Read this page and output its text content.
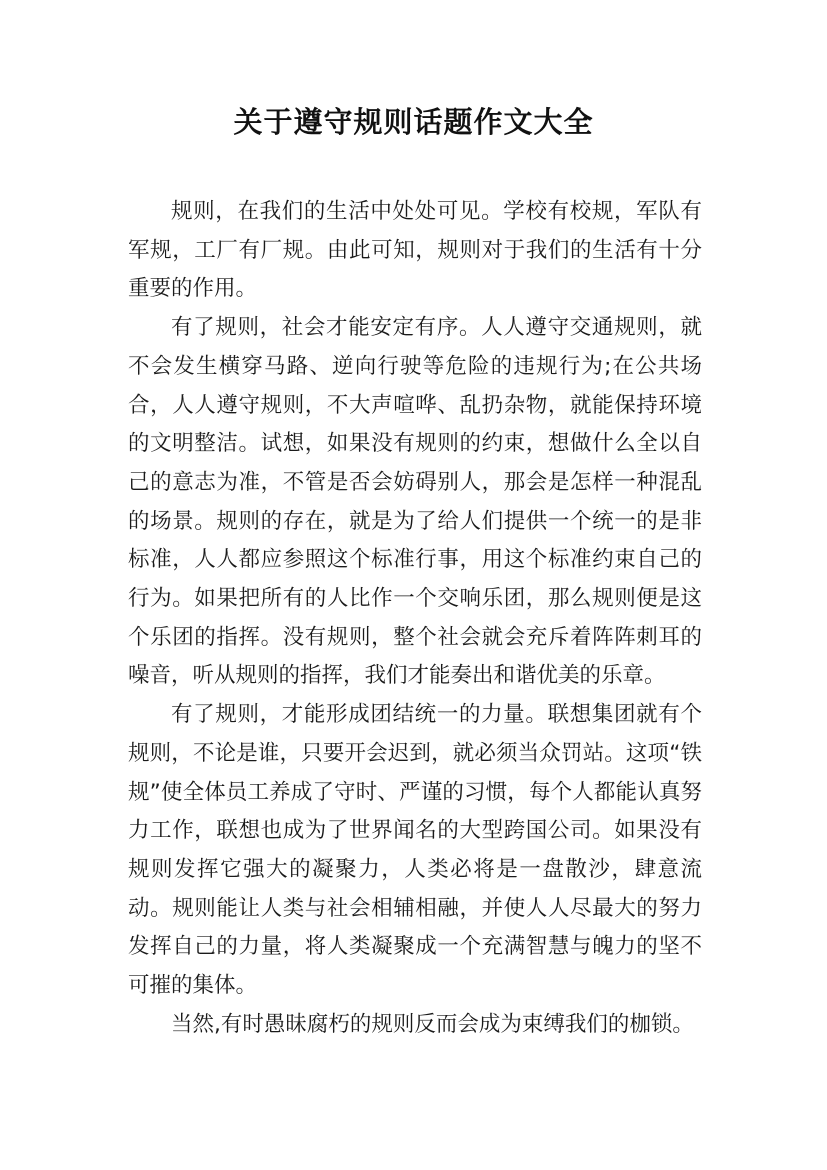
关于遵守规则话题作文大全

规则，在我们的生活中处处可见。学校有校规，军队有军规，工厂有厂规。由此可知，规则对于我们的生活有十分重要的作用。

有了规则，社会才能安定有序。人人遵守交通规则，就不会发生横穿马路、逆向行驶等危险的违规行为;在公共场合，人人遵守规则，不大声喧哗、乱扔杂物，就能保持环境的文明整洁。试想，如果没有规则的约束，想做什么全以自己的意志为准，不管是否会妨碍别人，那会是怎样一种混乱的场景。规则的存在，就是为了给人们提供一个统一的是非标准，人人都应参照这个标准行事，用这个标准约束自己的行为。如果把所有的人比作一个交响乐团，那么规则便是这个乐团的指挥。没有规则，整个社会就会充斥着阵阵刺耳的噪音，听从规则的指挥，我们才能奏出和谐优美的乐章。

有了规则，才能形成团结统一的力量。联想集团就有个规则，不论是谁，只要开会迟到，就必须当众罚站。这项“铁规”使全体员工养成了守时、严谨的习惯，每个人都能认真努力工作，联想也成为了世界闻名的大型跨国公司。如果没有规则发挥它强大的凝聚力，人类必将是一盘散沙，肆意流动。规则能让人类与社会相辅相融，并使人人尽最大的努力发挥自己的力量，将人类凝聚成一个充满智慧与魄力的坚不可摧的集体。

当然,有时愚昧腐朽的规则反而会成为束缚我们的枷锁。
